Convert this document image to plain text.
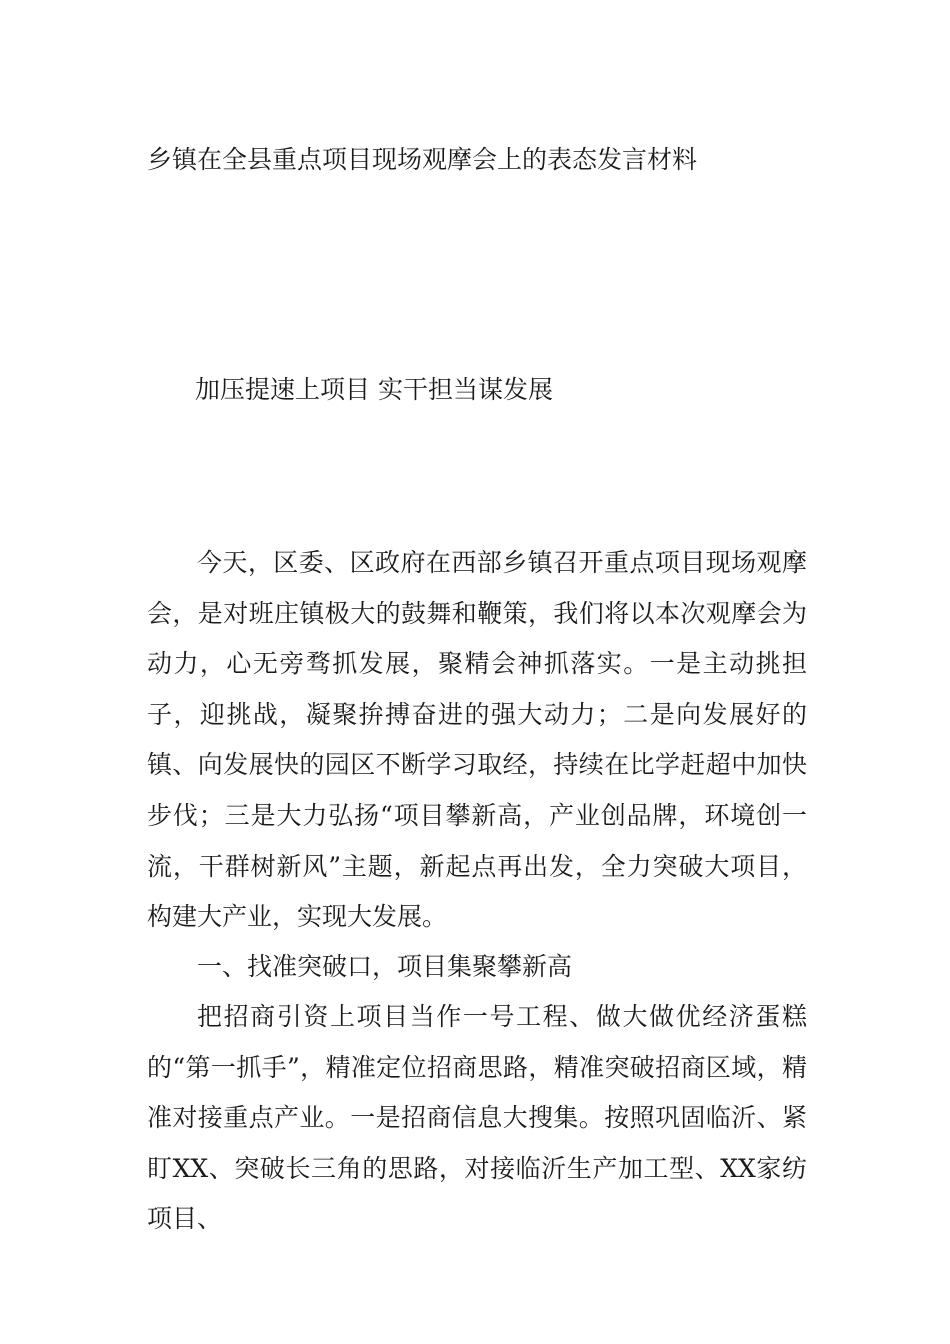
乡镇在全县重点项目现场观摩会上的表态发言材料
加压提速上项目 实干担当谋发展

今天，区委、区政府在西部乡镇召开重点项目现场观摩会，是对班庄镇极大的鼓舞和鞭策，我们将以本次观摩会为动力，心无旁骛抓发展，聚精会神抓落实。一是主动挑担子，迎挑战，凝聚拚搏奋进的强大动力；二是向发展好的镇、向发展快的园区不断学习取经，持续在比学赶超中加快步伐；三是大力弘扬“项目攀新高，产业创品牌，环境创一流，干群树新风”主题，新起点再出发，全力突破大项目，构建大产业，实现大发展。

一、找准突破口，项目集聚攀新高

把招商引资上项目当作一号工程、做大做优经济蛋糕的“第一抓手”，精准定位招商思路，精准突破招商区域，精准对接重点产业。一是招商信息大搜集。按照巩固临沂、紧盯XX、突破长三角的思路，对接临沂生产加工型、XX家纺项目、
